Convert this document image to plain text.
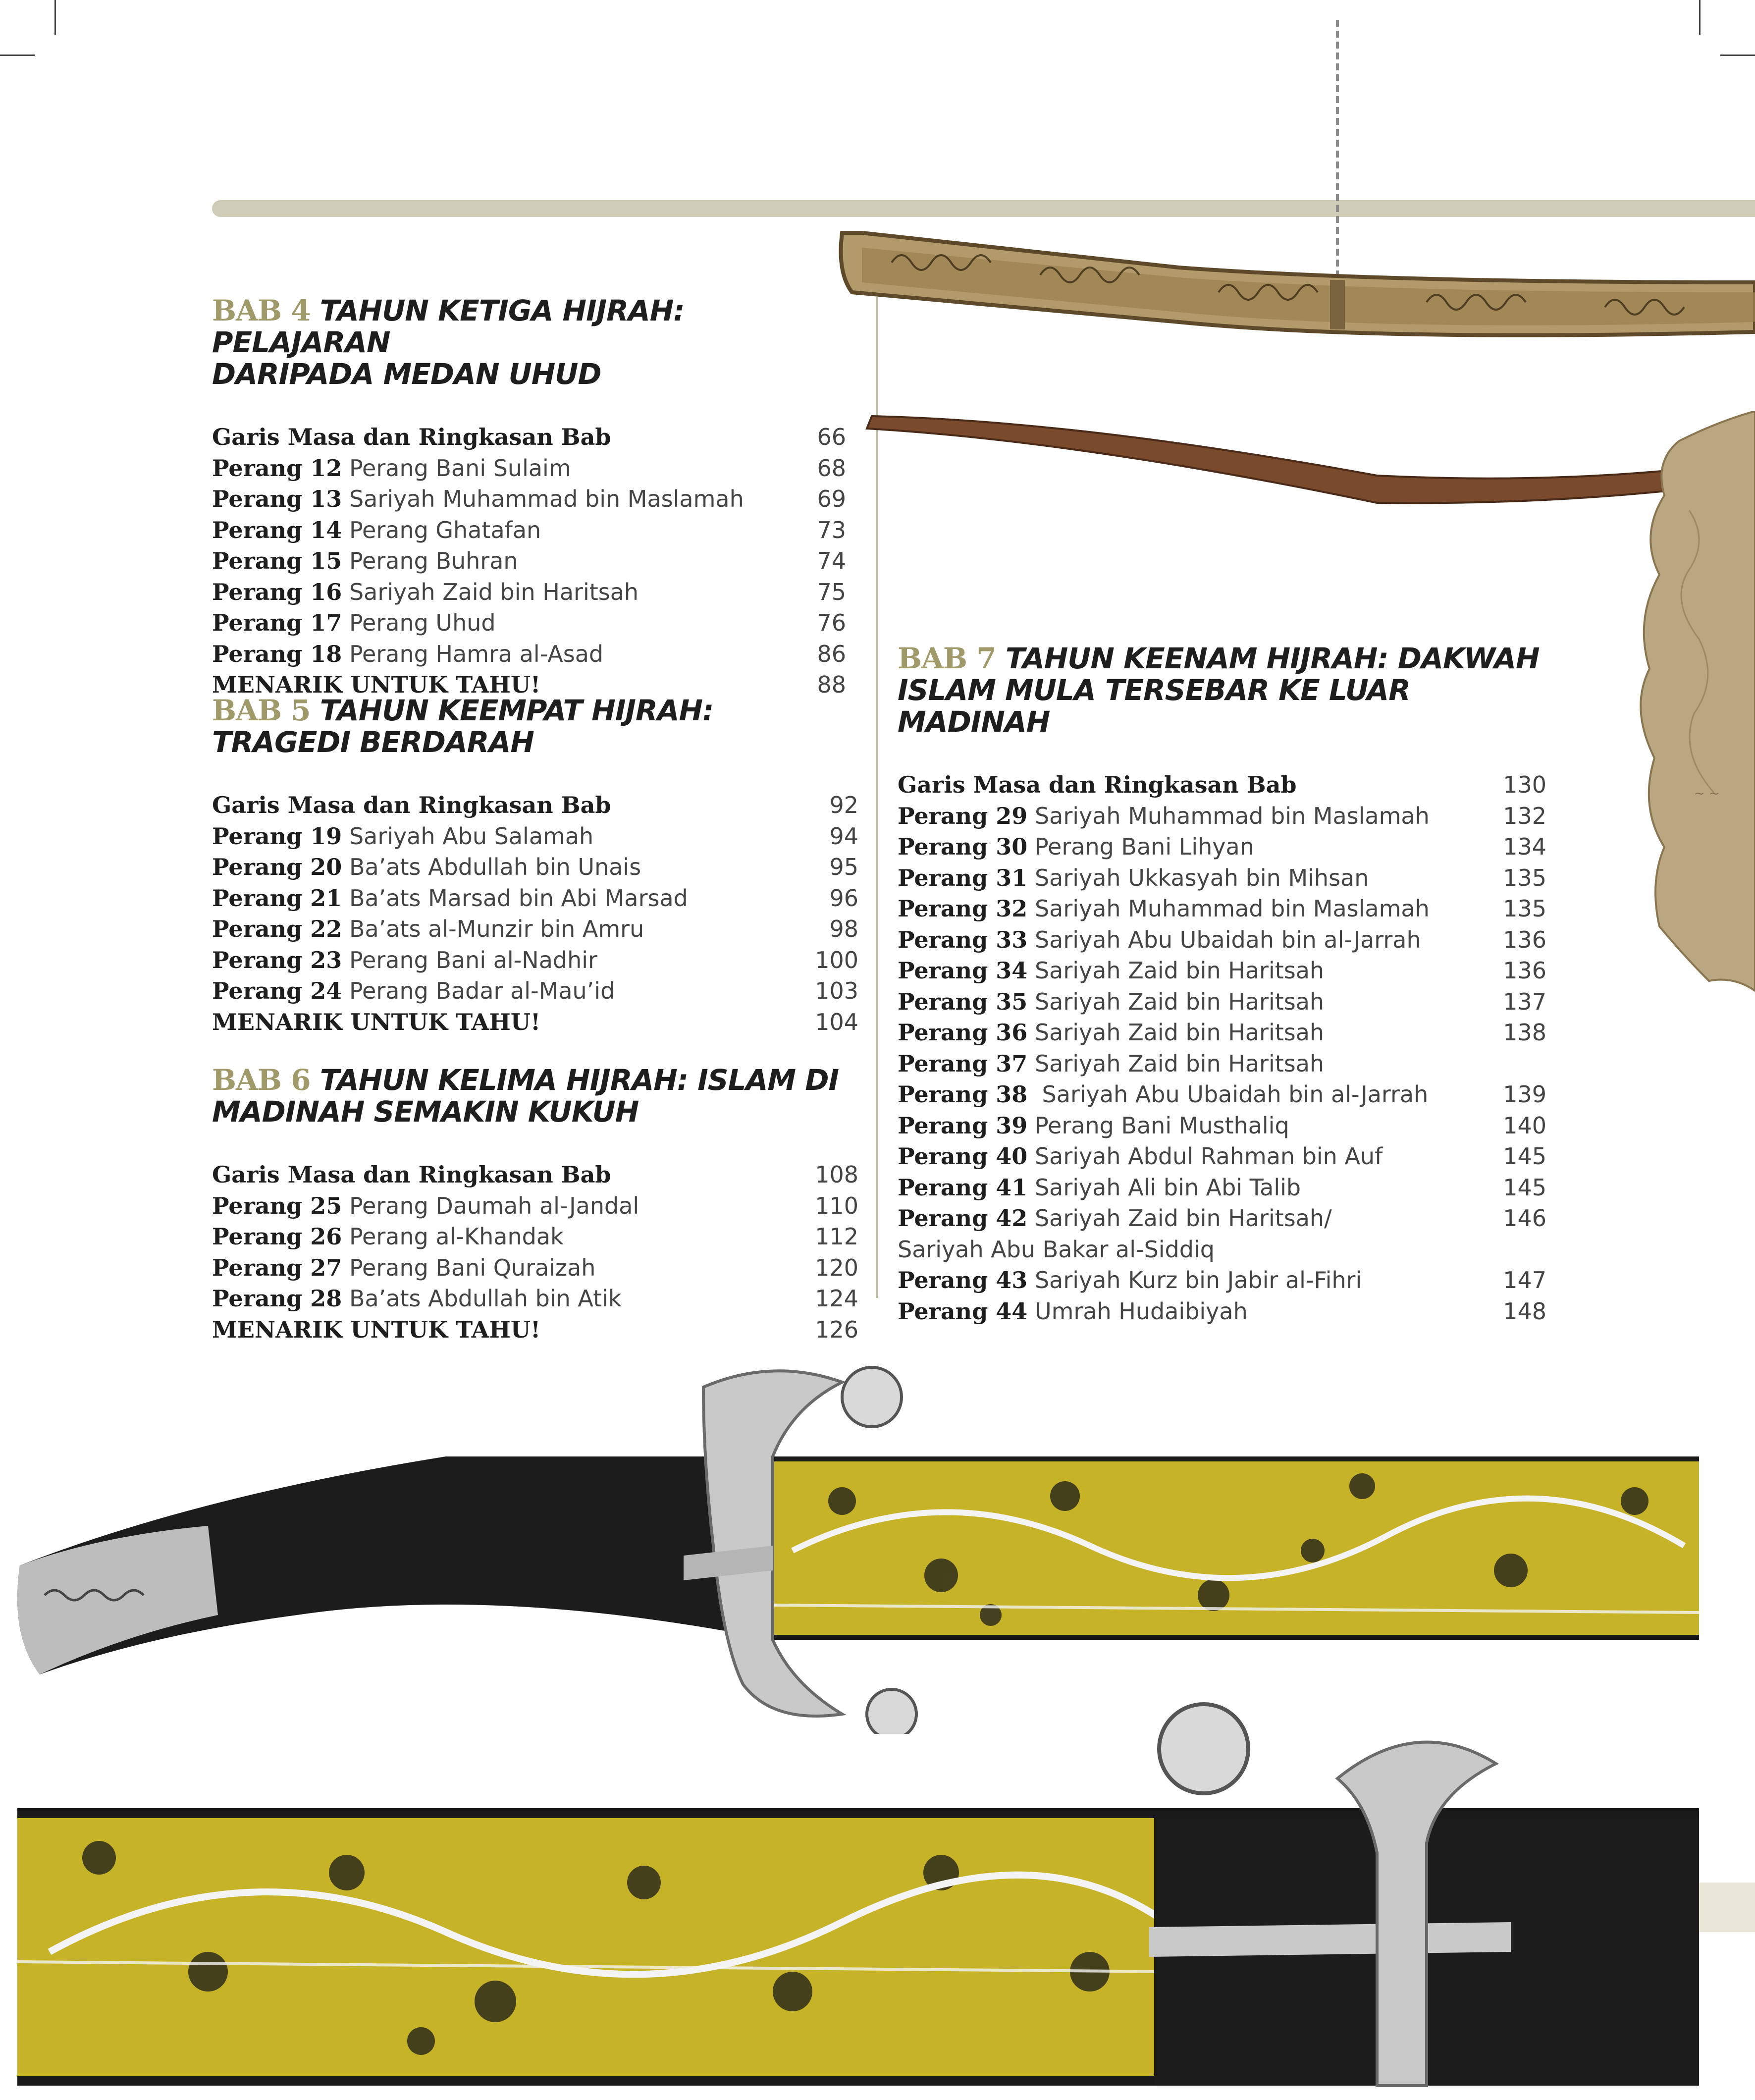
~ ~
BAB 4 TAHUN KETIGA HIJRAH: PELAJARAN
DARIPADA MEDAN UHUD
Garis Masa dan Ringkasan Bab	66
Perang 12 Perang Bani Sulaim	68
Perang 13 Sariyah Muhammad bin Maslamah	69
Perang 14 Perang Ghatafan	73
Perang 15 Perang Buhran	74
Perang 16 Sariyah Zaid bin Haritsah	75
Perang 17 Perang Uhud	76
Perang 18 Perang Hamra al-Asad	86
MENARIK UNTUK TAHU!	88
BAB 5 TAHUN KEEMPAT HIJRAH:
TRAGEDI BERDARAH
Garis Masa dan Ringkasan Bab	92
Perang 19 Sariyah Abu Salamah	94
Perang 20 Ba’ats Abdullah bin Unais	95
Perang 21 Ba’ats Marsad bin Abi Marsad	96
Perang 22 Ba’ats al-Munzir bin Amru	98
Perang 23 Perang Bani al-Nadhir	100
Perang 24 Perang Badar al-Mau’id	103
MENARIK UNTUK TAHU!	104
BAB 6 TAHUN KELIMA HIJRAH: ISLAM DI
MADINAH SEMAKIN KUKUH
Garis Masa dan Ringkasan Bab	108
Perang 25 Perang Daumah al-Jandal	110
Perang 26 Perang al-Khandak	112
Perang 27 Perang Bani Quraizah	120
Perang 28 Ba’ats Abdullah bin Atik	124
MENARIK UNTUK TAHU!	126
BAB 7 TAHUN KEENAM HIJRAH: DAKWAH
ISLAM MULA TERSEBAR KE LUAR MADINAH
Garis Masa dan Ringkasan Bab	130
Perang 29 Sariyah Muhammad bin Maslamah	132
Perang 30 Perang Bani Lihyan	134
Perang 31 Sariyah Ukkasyah bin Mihsan	135
Perang 32 Sariyah Muhammad bin Maslamah	135
Perang 33 Sariyah Abu Ubaidah bin al-Jarrah	136
Perang 34 Sariyah Zaid bin Haritsah	136
Perang 35 Sariyah Zaid bin Haritsah	137
Perang 36 Sariyah Zaid bin Haritsah	138
Perang 37 Sariyah Zaid bin Haritsah
Perang 38  Sariyah Abu Ubaidah bin al-Jarrah	139
Perang 39 Perang Bani Musthaliq	140
Perang 40 Sariyah Abdul Rahman bin Auf	145
Perang 41 Sariyah Ali bin Abi Talib	145
Perang 42 Sariyah Zaid bin Haritsah/	146
Sariyah Abu Bakar al-Siddiq
Perang 43 Sariyah Kurz bin Jabir al-Fihri	147
Perang 44 Umrah Hudaibiyah	148
